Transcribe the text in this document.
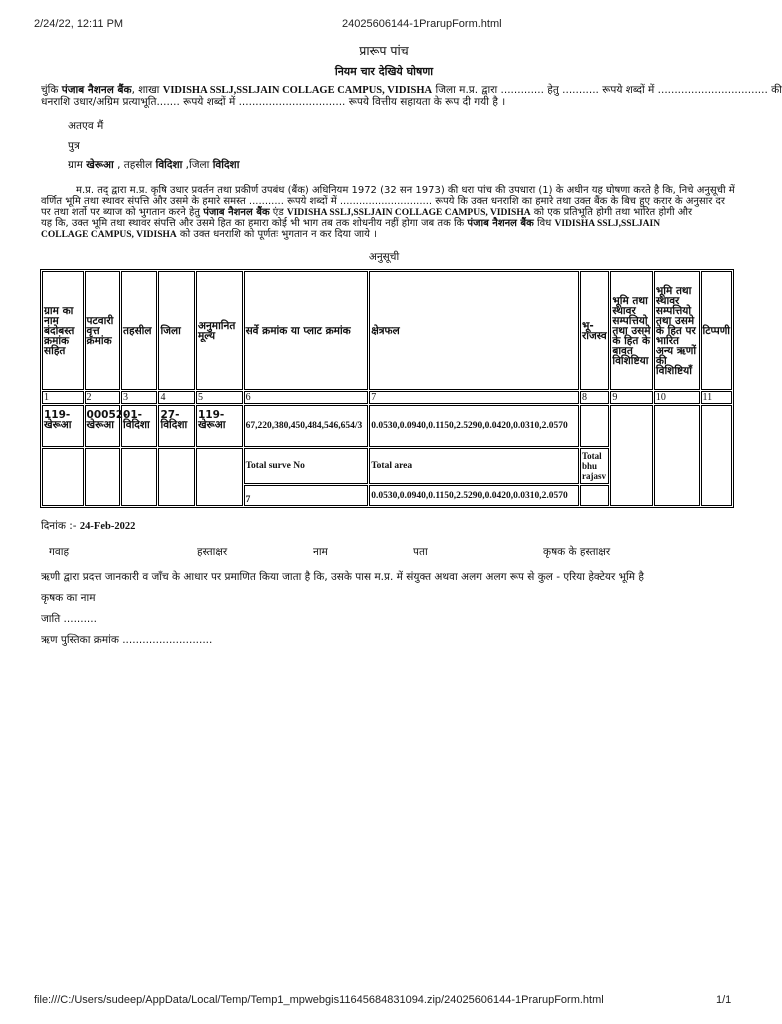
2/24/22, 12:11 PM	24025606144-1PrarupForm.html
प्रारूप पांच
नियम चार देखिये घोषणा
चुंकि पंजाब नैशनल बैंक, शाखा VIDISHA SSLJ,SSLJAIN COLLAGE CAMPUS, VIDISHA जिला म.प्र. द्वारा ............. हेतु ........... रूपये शब्दों में ................................. की
धनराशि उधार/अग्रिम प्रत्याभूति....... रूपये शब्दों में ................................ रूपये वित्तीय सहायता के रूप दी गयी है ।
अतएव मैं
पुत्र
ग्राम खेरूआ , तहसील विदिशा ,जिला विदिशा
म.प्र. तद्‌ द्वारा म.प्र. कृषि उधार प्रवर्तन तथा प्रकीर्ण उपबंध (बैंक) अधिनियम 1972 (32 सन 1973) की धरा पांच की उपधारा (1) के अधीन यह घोषणा करते है कि, निचे अनुसूची में
वर्णित भूमि तथा स्थावर संपत्ति और उसमे के हमारे समस्त ........... रूपये शब्दों में ............................. रूपये कि उक्त धनराशि का हमारे तथा उक्त बैंक के बिच हुए करार के अनुसार दर
पर तथा शर्तो पर ब्याज को भुगतान करने हेतु पंजाब नैशनल बैंक एंड VIDISHA SSLJ,SSLJAIN COLLAGE CAMPUS, VIDISHA को एक प्रतिभूति होगी तथा भारित होगी और
यह कि, उक्त भूमि तथा स्थावर संपत्ति और उसमे हित का हमारा कोई भी भाग तब तक शोधनीय नहीं होगा जब तक कि पंजाब नैशनल बैंक विध VIDISHA SSLJ,SSLJAIN
COLLAGE CAMPUS, VIDISHA को उक्त धनराशि को पूर्णतः भुगतान न कर दिया जाये ।
अनुसूची
ग्राम का नाम बंदोबस्त क्रमांक सहित	पटवारी वृत्त क्रमांक	तहसील	जिला	अनुमानित मूल्य	सर्वे क्रमांक या प्लाट क्रमांक	क्षेत्रफल	भू-राजस्व	भूमि तथा स्थावर सम्पत्तियो तथा उसमे के हित के बावत विशिष्टिया	भूमि तथा स्थावर सम्पत्तियो तथा उसमे के हित पर भारित अन्य ऋणों की विशिष्टियाँ	टिप्पणी
1	2	3	4	5	6	7	8	9	10	11
119-खेरूआ	00052-खेरूआ	01-विदिशा	27-विदिशा	119-खेरूआ	67,220,380,450,484,546,654/3	0.0530,0.0940,0.1150,2.5290,0.0420,0.0310,2.0570				
					Total surve No	Total area	Total bhu rajasv			
					7	0.0530,0.0940,0.1150,2.5290,0.0420,0.0310,2.0570				
दिनांक :- 24-Feb-2022
गवाह	हस्ताक्षर	नाम	पता	कृषक के हस्ताक्षर
ऋणी द्वारा प्रदत्त जानकारी व जाँच के आधार पर प्रमाणित किया जाता है कि, उसके पास म.प्र. में संयुक्त अथवा अलग अलग रूप से कुल - एरिया हेक्टेयर भूमि है
कृषक का नाम
जाति ..........
ऋण पुस्तिका क्रमांक ...........................
file:///C:/Users/sudeep/AppData/Local/Temp/Temp1_mpwebgis11645684831094.zip/24025606144-1PrarupForm.html	1/1
